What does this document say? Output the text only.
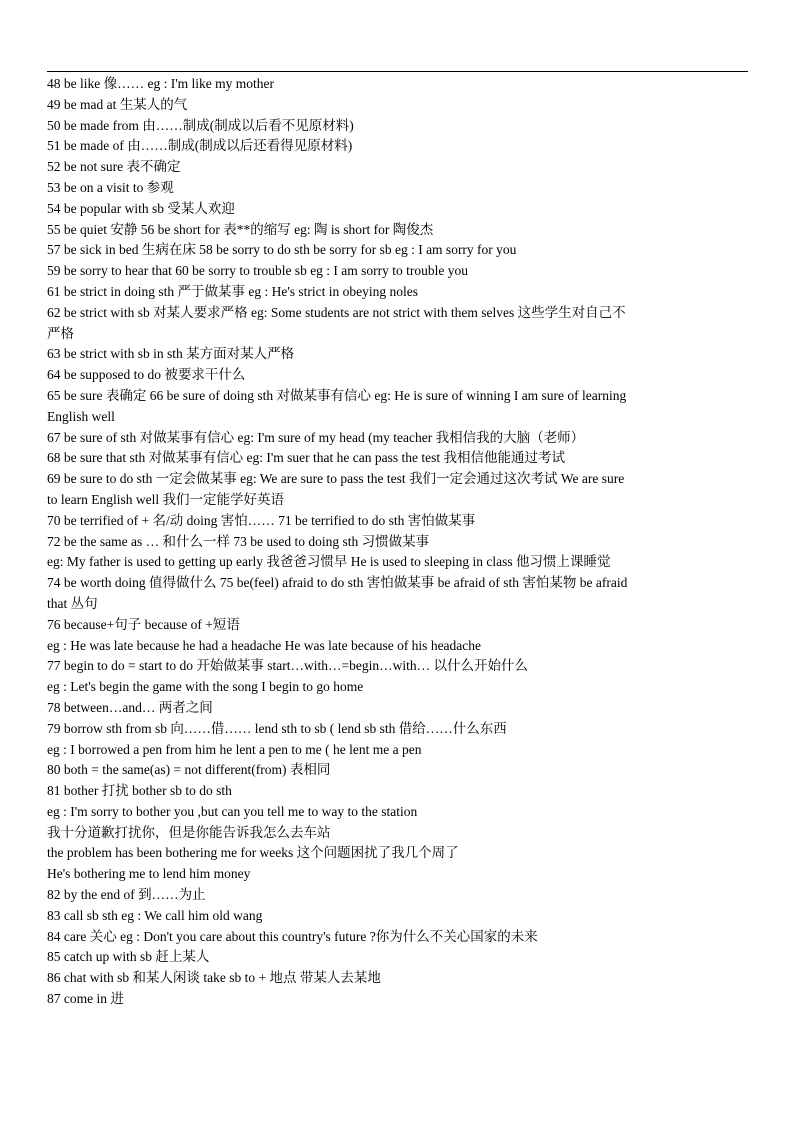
48 be like 像…… eg : I'm like my mother
49 be mad at 生某人的气
50 be made from 由……制成(制成以后看不见原材料)
51 be made of 由……制成(制成以后还看得见原材料)
52 be not sure 表不确定
53 be on a visit to 参观
54 be popular with sb 受某人欢迎
55 be quiet 安静 56 be short for 表**的缩写 eg: 陶 is short for 陶俊杰
57 be sick in bed 生病在床 58 be sorry to do sth be sorry for sb eg : I am sorry for you
59 be sorry to hear that 60 be sorry to trouble sb eg : I am sorry to trouble you
61 be strict in doing sth 严于做某事 eg : He's strict in obeying noles
62 be strict with sb 对某人要求严格 eg: Some students are not strict with them selves 这些学生对自己不
严格
63 be strict with sb in sth 某方面对某人严格
64 be supposed to do 被要求干什么
65 be sure 表确定 66 be sure of doing sth 对做某事有信心 eg: He is sure of winning I am sure of learning
English well
67 be sure of sth 对做某事有信心 eg: I'm sure of my head (my teacher 我相信我的大脑（老师）
68 be sure that sth 对做某事有信心 eg: I'm suer that he can pass the test 我相信他能通过考试
69 be sure to do sth 一定会做某事 eg: We are sure to pass the test 我们一定会通过这次考试 We are sure
to learn English well 我们一定能学好英语
70 be terrified of + 名/动 doing 害怕…… 71 be terrified to do sth 害怕做某事
72 be the same as … 和什么一样 73 be used to doing sth 习惯做某事
eg: My father is used to getting up early 我爸爸习惯早 He is used to sleeping in class 他习惯上课睡觉
74 be worth doing 值得做什么 75 be(feel) afraid to do sth 害怕做某事 be afraid of sth 害怕某物 be afraid
that 丛句
76 because+句子 because of +短语
eg : He was late because he had a headache He was late because of his headache
77 begin to do = start to do 开始做某事 start…with…=begin…with… 以什么开始什么
eg : Let's begin the game with the song I begin to go home
78 between…and… 两者之间
79 borrow sth from sb 向……借…… lend sth to sb ( lend sb sth 借给……什么东西
eg : I borrowed a pen from him he lent a pen to me ( he lent me a pen
80 both = the same(as) = not different(from) 表相同
81 bother 打扰 bother sb to do sth
eg : I'm sorry to bother you ,but can you tell me to way to the station
我十分道歉打扰你，但是你能告诉我怎么去车站
the problem has been bothering me for weeks 这个问题困扰了我几个周了
He's bothering me to lend him money
82 by the end of 到……为止
83 call sb sth eg : We call him old wang
84 care 关心 eg : Don't you care about this country's future ?你为什么不关心国家的未来
85 catch up with sb 赶上某人
86 chat with sb 和某人闲谈 take sb to + 地点 带某人去某地
87 come in 进
